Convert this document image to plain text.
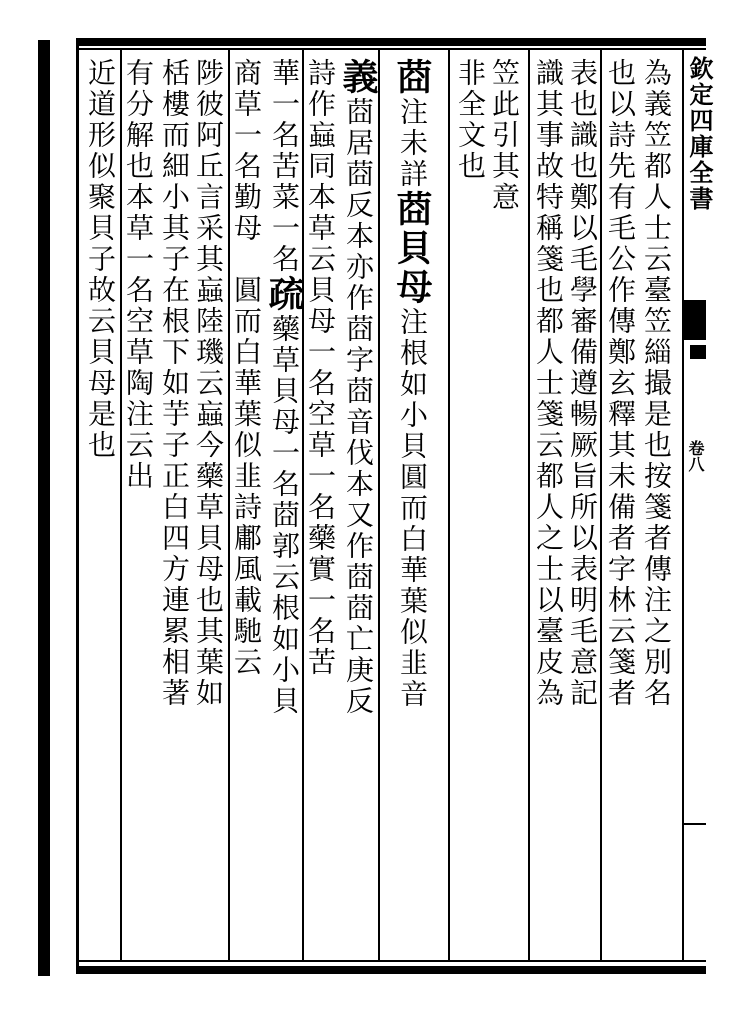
欽定四庫全書
卷八
為義笠都人士云臺笠緇撮是也按箋者傳注之別名
也以詩先有毛公作傳鄭玄釋其未備者字林云箋者
表也識也鄭以毛學審備遵暢厥旨所以表明毛意記
識其事故特稱箋也都人士箋云都人之士以臺皮為
笠此引其意
非全文也
莔注未詳莔貝母注根如小貝圓而白華葉似韭音
義莔居莔反本亦作莔字莔音伐本又作莔莔亡庚反
詩作蝱同本草云貝母一名空草一名藥實一名苦
華一名苦菜一名疏藥草貝母一名莔郭云根如小貝
商草一名勤母　圓而白華葉似韭詩鄘風載馳云
陟彼阿丘言采其蝱陸璣云蝱今藥草貝母也其葉如
栝樓而細小其子在根下如芋子正白四方連累相著
有分解也本草一名空草陶注云出
近道形似聚貝子故云貝母是也
